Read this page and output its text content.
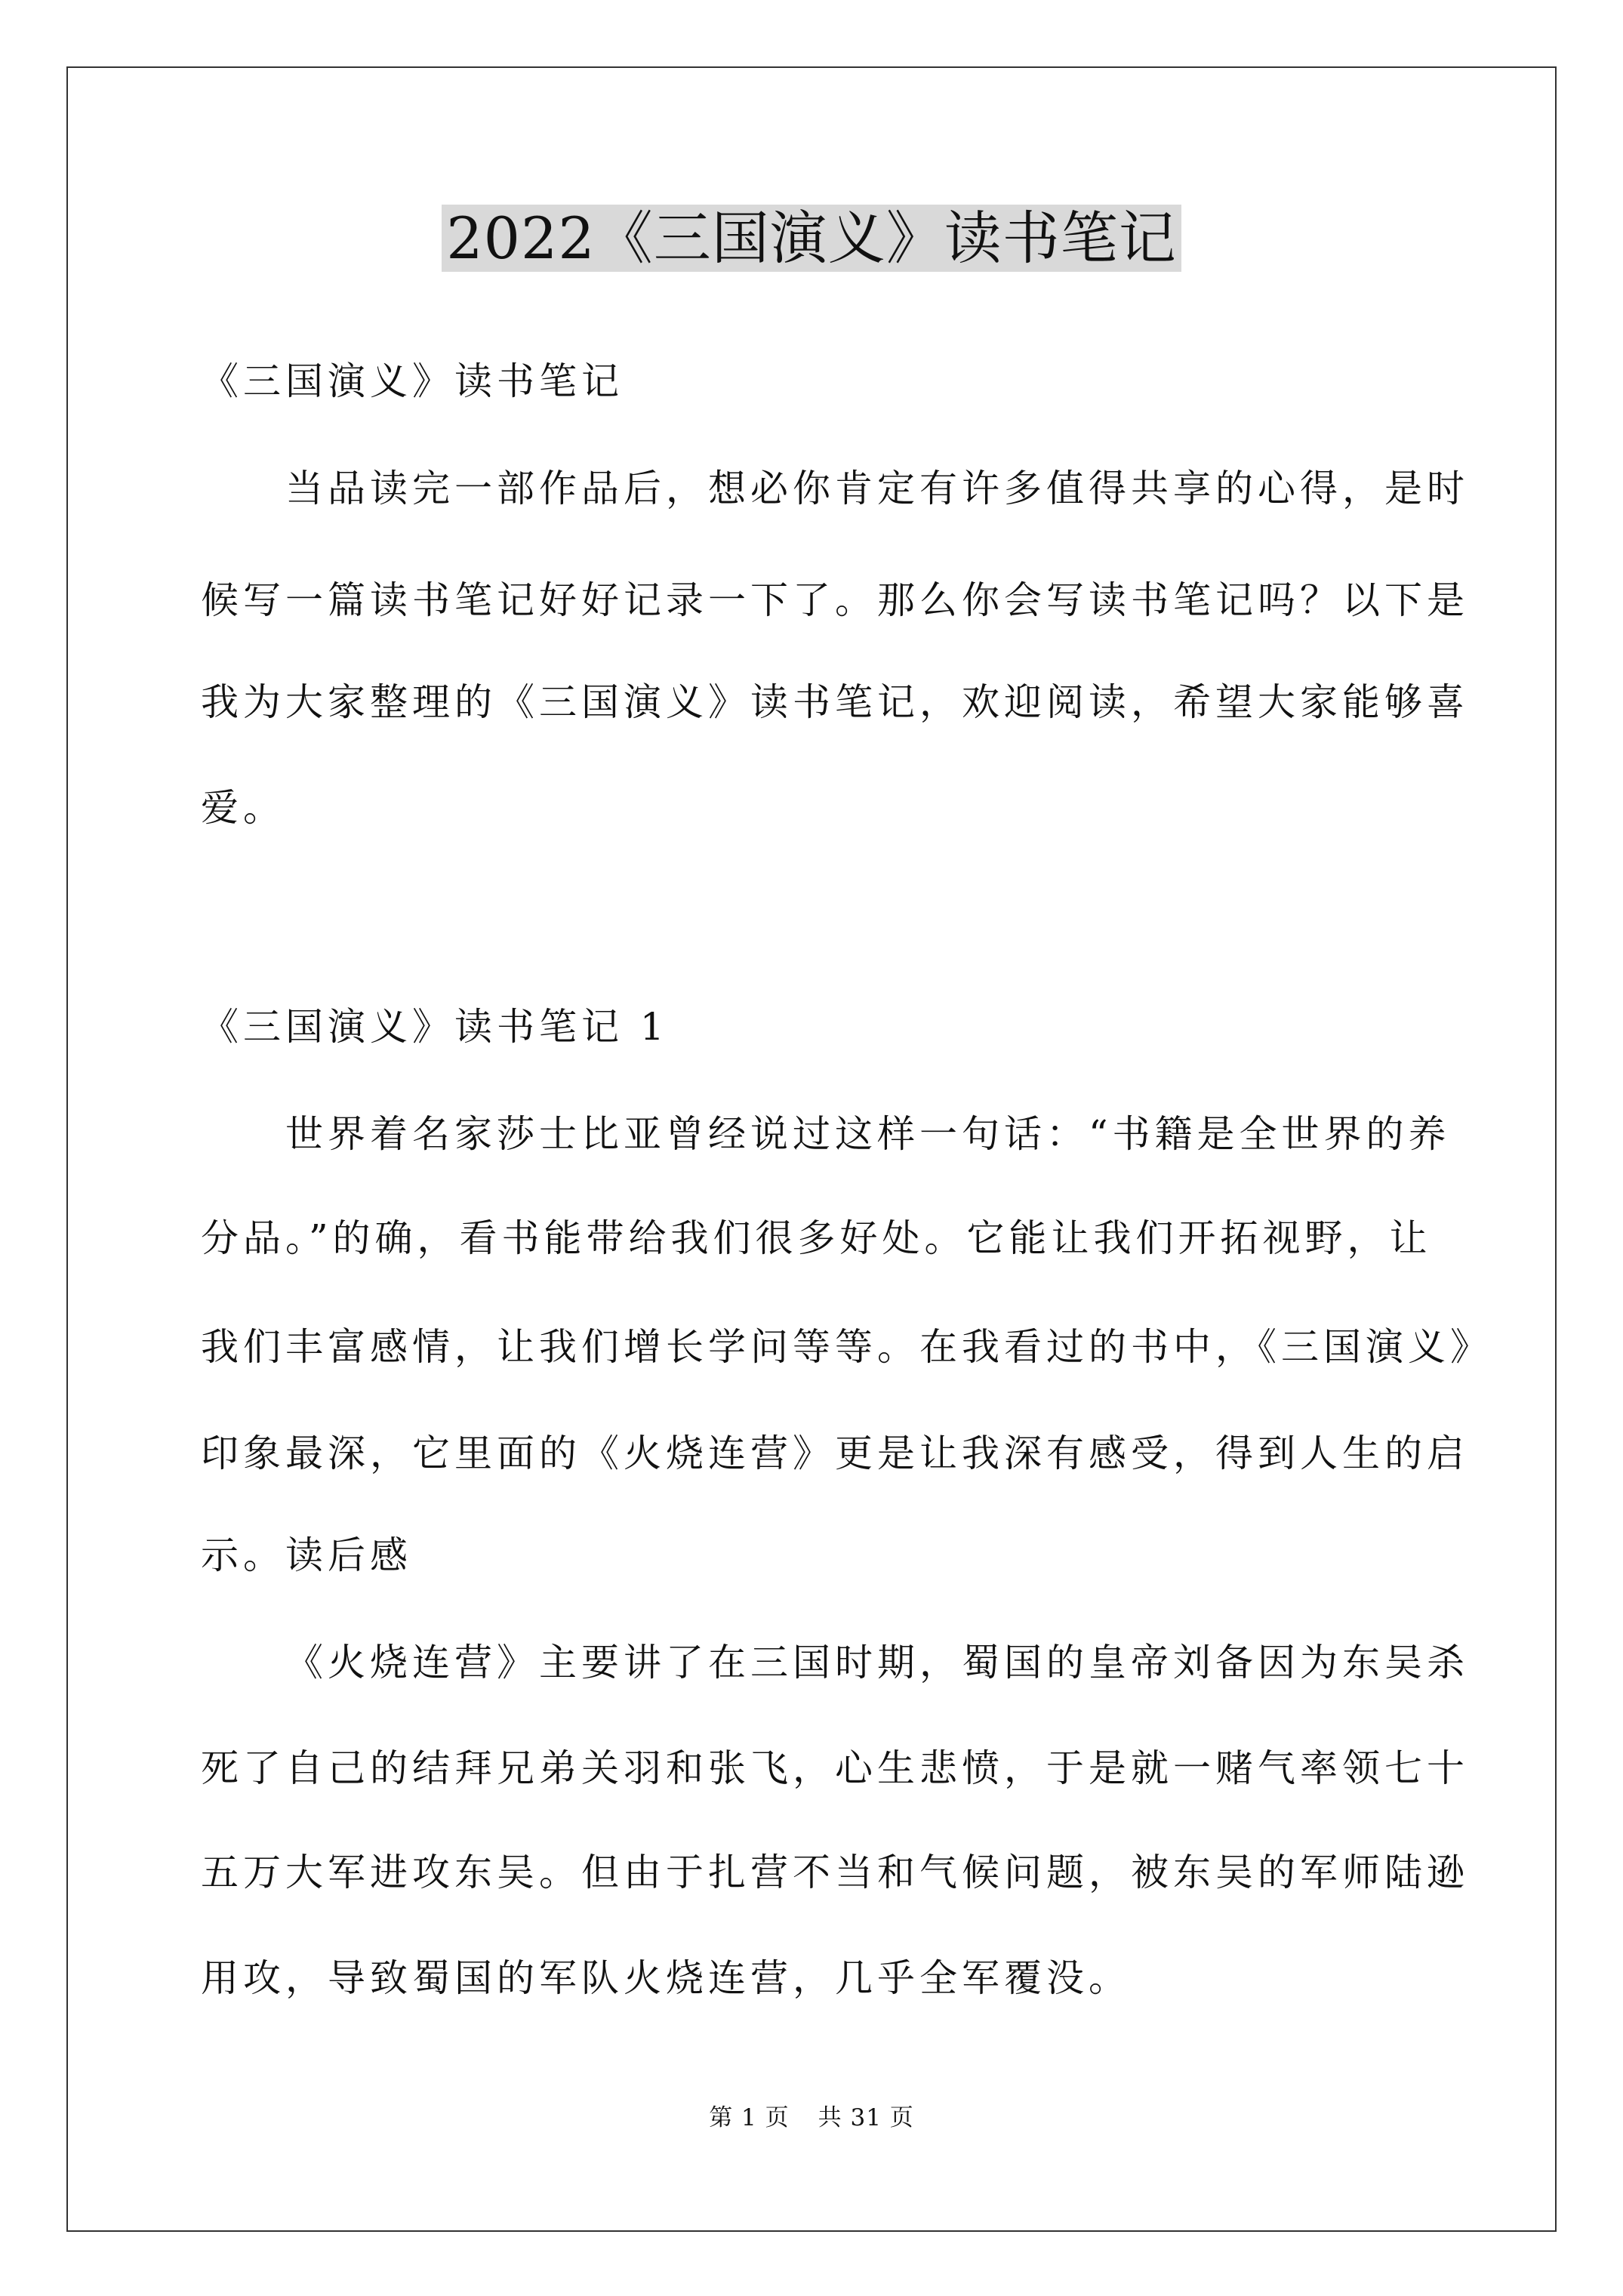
2022《三国演义》读书笔记
《三国演义》读书笔记
当品读完一部作品后，想必你肯定有许多值得共享的心得，是时
候写一篇读书笔记好好记录一下了。那么你会写读书笔记吗？以下是
我为大家整理的《三国演义》读书笔记，欢迎阅读，希望大家能够喜
爱。
《三国演义》读书笔记 1
世界着名家莎士比亚曾经说过这样一句话：“书籍是全世界的养
分品。”的确，看书能带给我们很多好处。它能让我们开拓视野，让
我们丰富感情，让我们增长学问等等。在我看过的书中，《三国演义》
印象最深，它里面的《火烧连营》更是让我深有感受，得到人生的启
示。读后感
《火烧连营》主要讲了在三国时期，蜀国的皇帝刘备因为东吴杀
死了自己的结拜兄弟关羽和张飞，心生悲愤，于是就一赌气率领七十
五万大军进攻东吴。但由于扎营不当和气候问题，被东吴的军师陆逊
用攻，导致蜀国的军队火烧连营，几乎全军覆没。
第 1 页 共 31 页
